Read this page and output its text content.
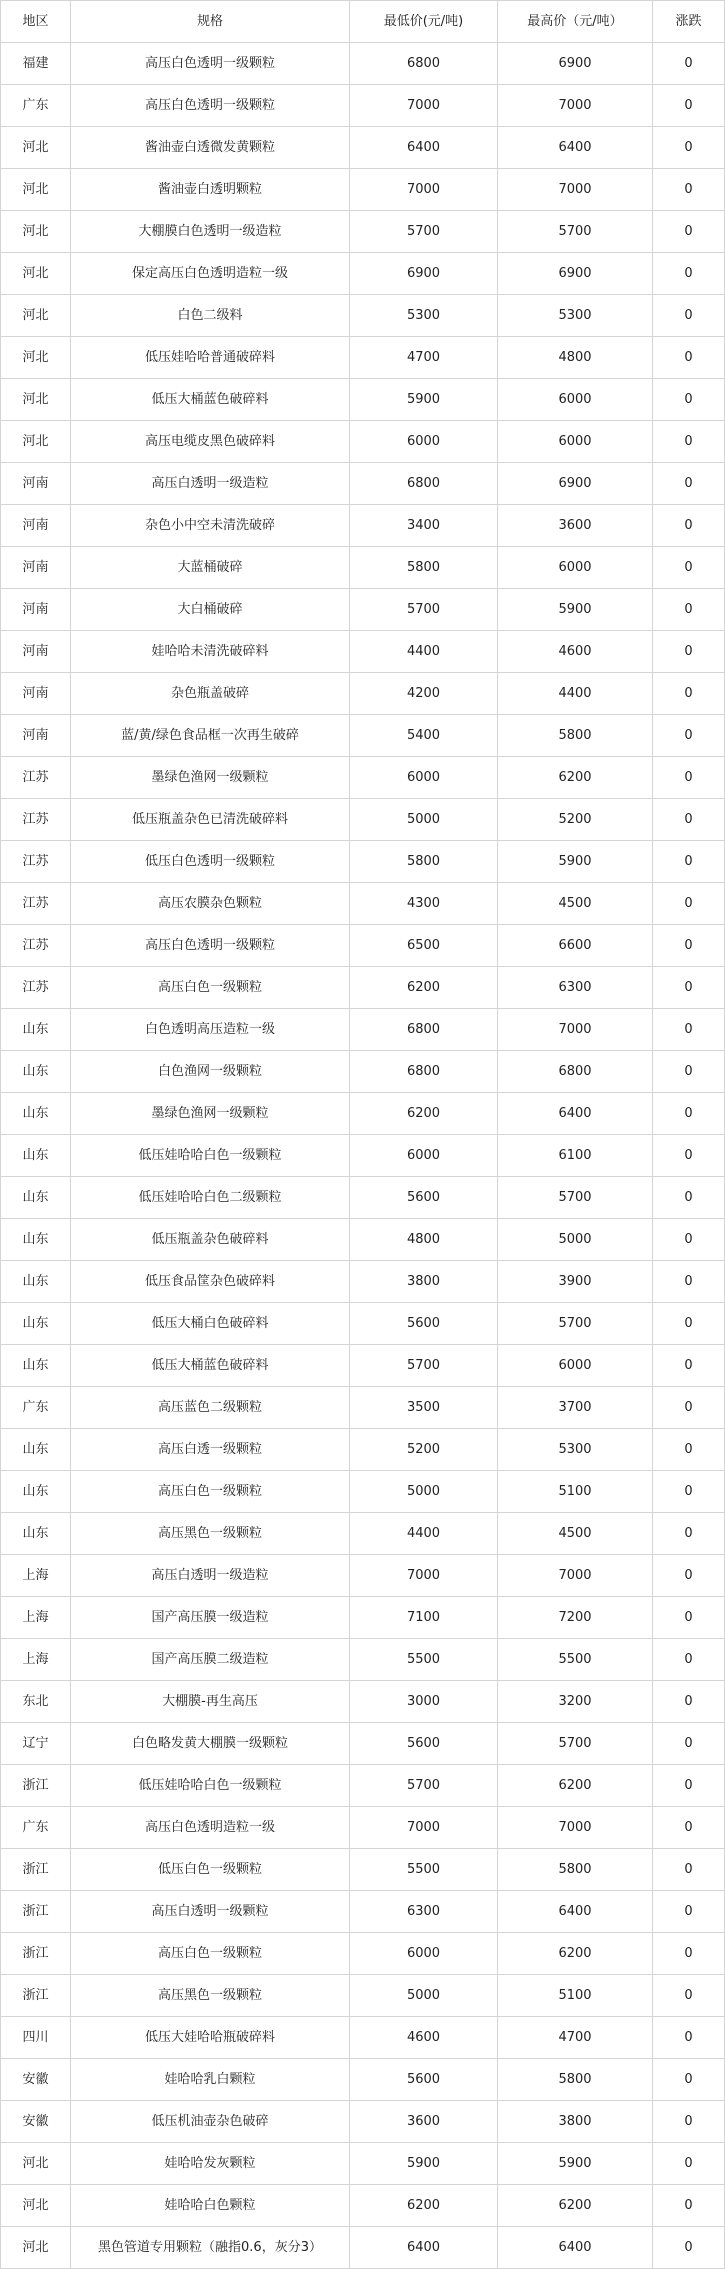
地区	规格	最低价(元/吨)	最高价（元/吨）	涨跌
福建	高压白色透明一级颗粒	6800	6900	0
广东	高压白色透明一级颗粒	7000	7000	0
河北	酱油壶白透微发黄颗粒	6400	6400	0
河北	酱油壶白透明颗粒	7000	7000	0
河北	大棚膜白色透明一级造粒	5700	5700	0
河北	保定高压白色透明造粒一级	6900	6900	0
河北	白色二级料	5300	5300	0
河北	低压娃哈哈普通破碎料	4700	4800	0
河北	低压大桶蓝色破碎料	5900	6000	0
河北	高压电缆皮黑色破碎料	6000	6000	0
河南	高压白透明一级造粒	6800	6900	0
河南	杂色小中空未清洗破碎	3400	3600	0
河南	大蓝桶破碎	5800	6000	0
河南	大白桶破碎	5700	5900	0
河南	娃哈哈未清洗破碎料	4400	4600	0
河南	杂色瓶盖破碎	4200	4400	0
河南	蓝/黄/绿色食品框一次再生破碎	5400	5800	0
江苏	墨绿色渔网一级颗粒	6000	6200	0
江苏	低压瓶盖杂色已清洗破碎料	5000	5200	0
江苏	低压白色透明一级颗粒	5800	5900	0
江苏	高压农膜杂色颗粒	4300	4500	0
江苏	高压白色透明一级颗粒	6500	6600	0
江苏	高压白色一级颗粒	6200	6300	0
山东	白色透明高压造粒一级	6800	7000	0
山东	白色渔网一级颗粒	6800	6800	0
山东	墨绿色渔网一级颗粒	6200	6400	0
山东	低压娃哈哈白色一级颗粒	6000	6100	0
山东	低压娃哈哈白色二级颗粒	5600	5700	0
山东	低压瓶盖杂色破碎料	4800	5000	0
山东	低压食品筐杂色破碎料	3800	3900	0
山东	低压大桶白色破碎料	5600	5700	0
山东	低压大桶蓝色破碎料	5700	6000	0
广东	高压蓝色二级颗粒	3500	3700	0
山东	高压白透一级颗粒	5200	5300	0
山东	高压白色一级颗粒	5000	5100	0
山东	高压黑色一级颗粒	4400	4500	0
上海	高压白透明一级造粒	7000	7000	0
上海	国产高压膜一级造粒	7100	7200	0
上海	国产高压膜二级造粒	5500	5500	0
东北	大棚膜-再生高压	3000	3200	0
辽宁	白色略发黄大棚膜一级颗粒	5600	5700	0
浙江	低压娃哈哈白色一级颗粒	5700	6200	0
广东	高压白色透明造粒一级	7000	7000	0
浙江	低压白色一级颗粒	5500	5800	0
浙江	高压白透明一级颗粒	6300	6400	0
浙江	高压白色一级颗粒	6000	6200	0
浙江	高压黑色一级颗粒	5000	5100	0
四川	低压大娃哈哈瓶破碎料	4600	4700	0
安徽	娃哈哈乳白颗粒	5600	5800	0
安徽	低压机油壶杂色破碎	3600	3800	0
河北	娃哈哈发灰颗粒	5900	5900	0
河北	娃哈哈白色颗粒	6200	6200	0
河北	黑色管道专用颗粒（融指0.6，灰分3）	6400	6400	0
